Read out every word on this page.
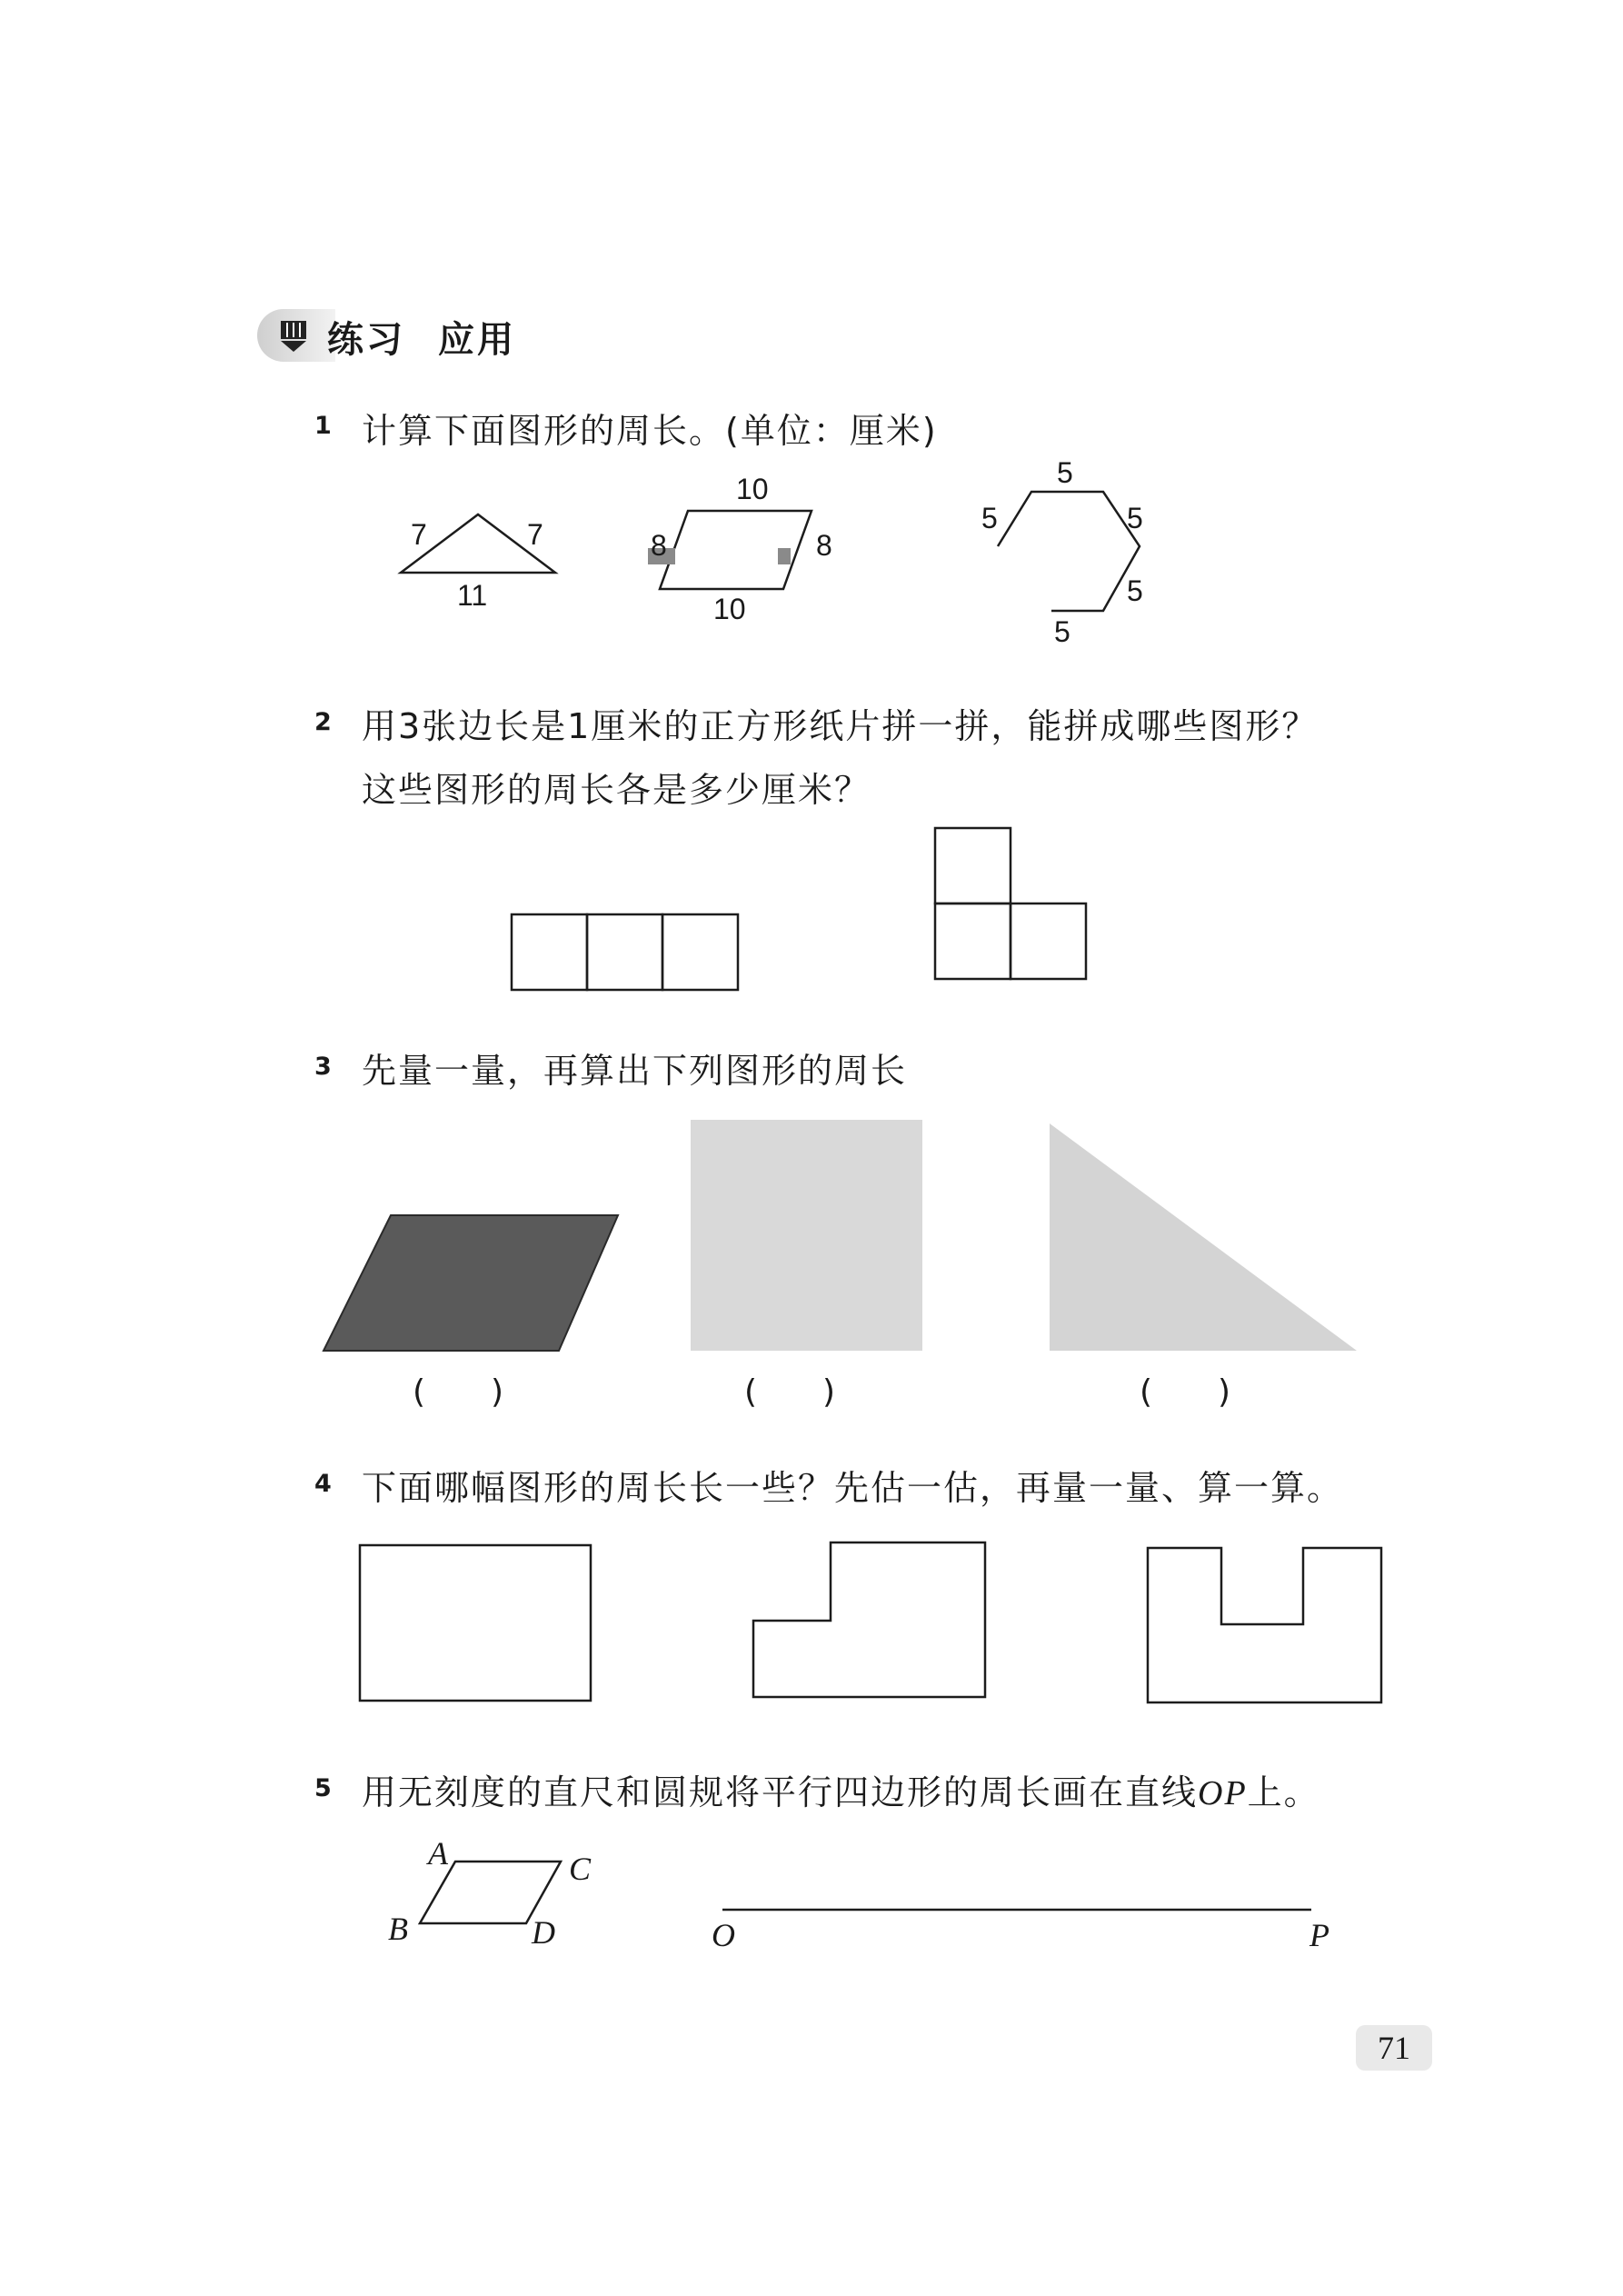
练习 应用
1 计算下面图形的周长。(单位：厘米)
7	7
11
10
8	8
10
5
5	5
5
5
2 用3张边长是1厘米的正方形纸片拼一拼，能拼成哪些图形？
这些图形的周长各是多少厘米？
3 先量一量，再算出下列图形的周长
(　　)	(　　)	(　　)
4 下面哪幅图形的周长长一些？先估一估，再量一量、算一算。
5 用无刻度的直尺和圆规将平行四边形的周长画在直线OP上。
A	C
B	D	O	P
71
